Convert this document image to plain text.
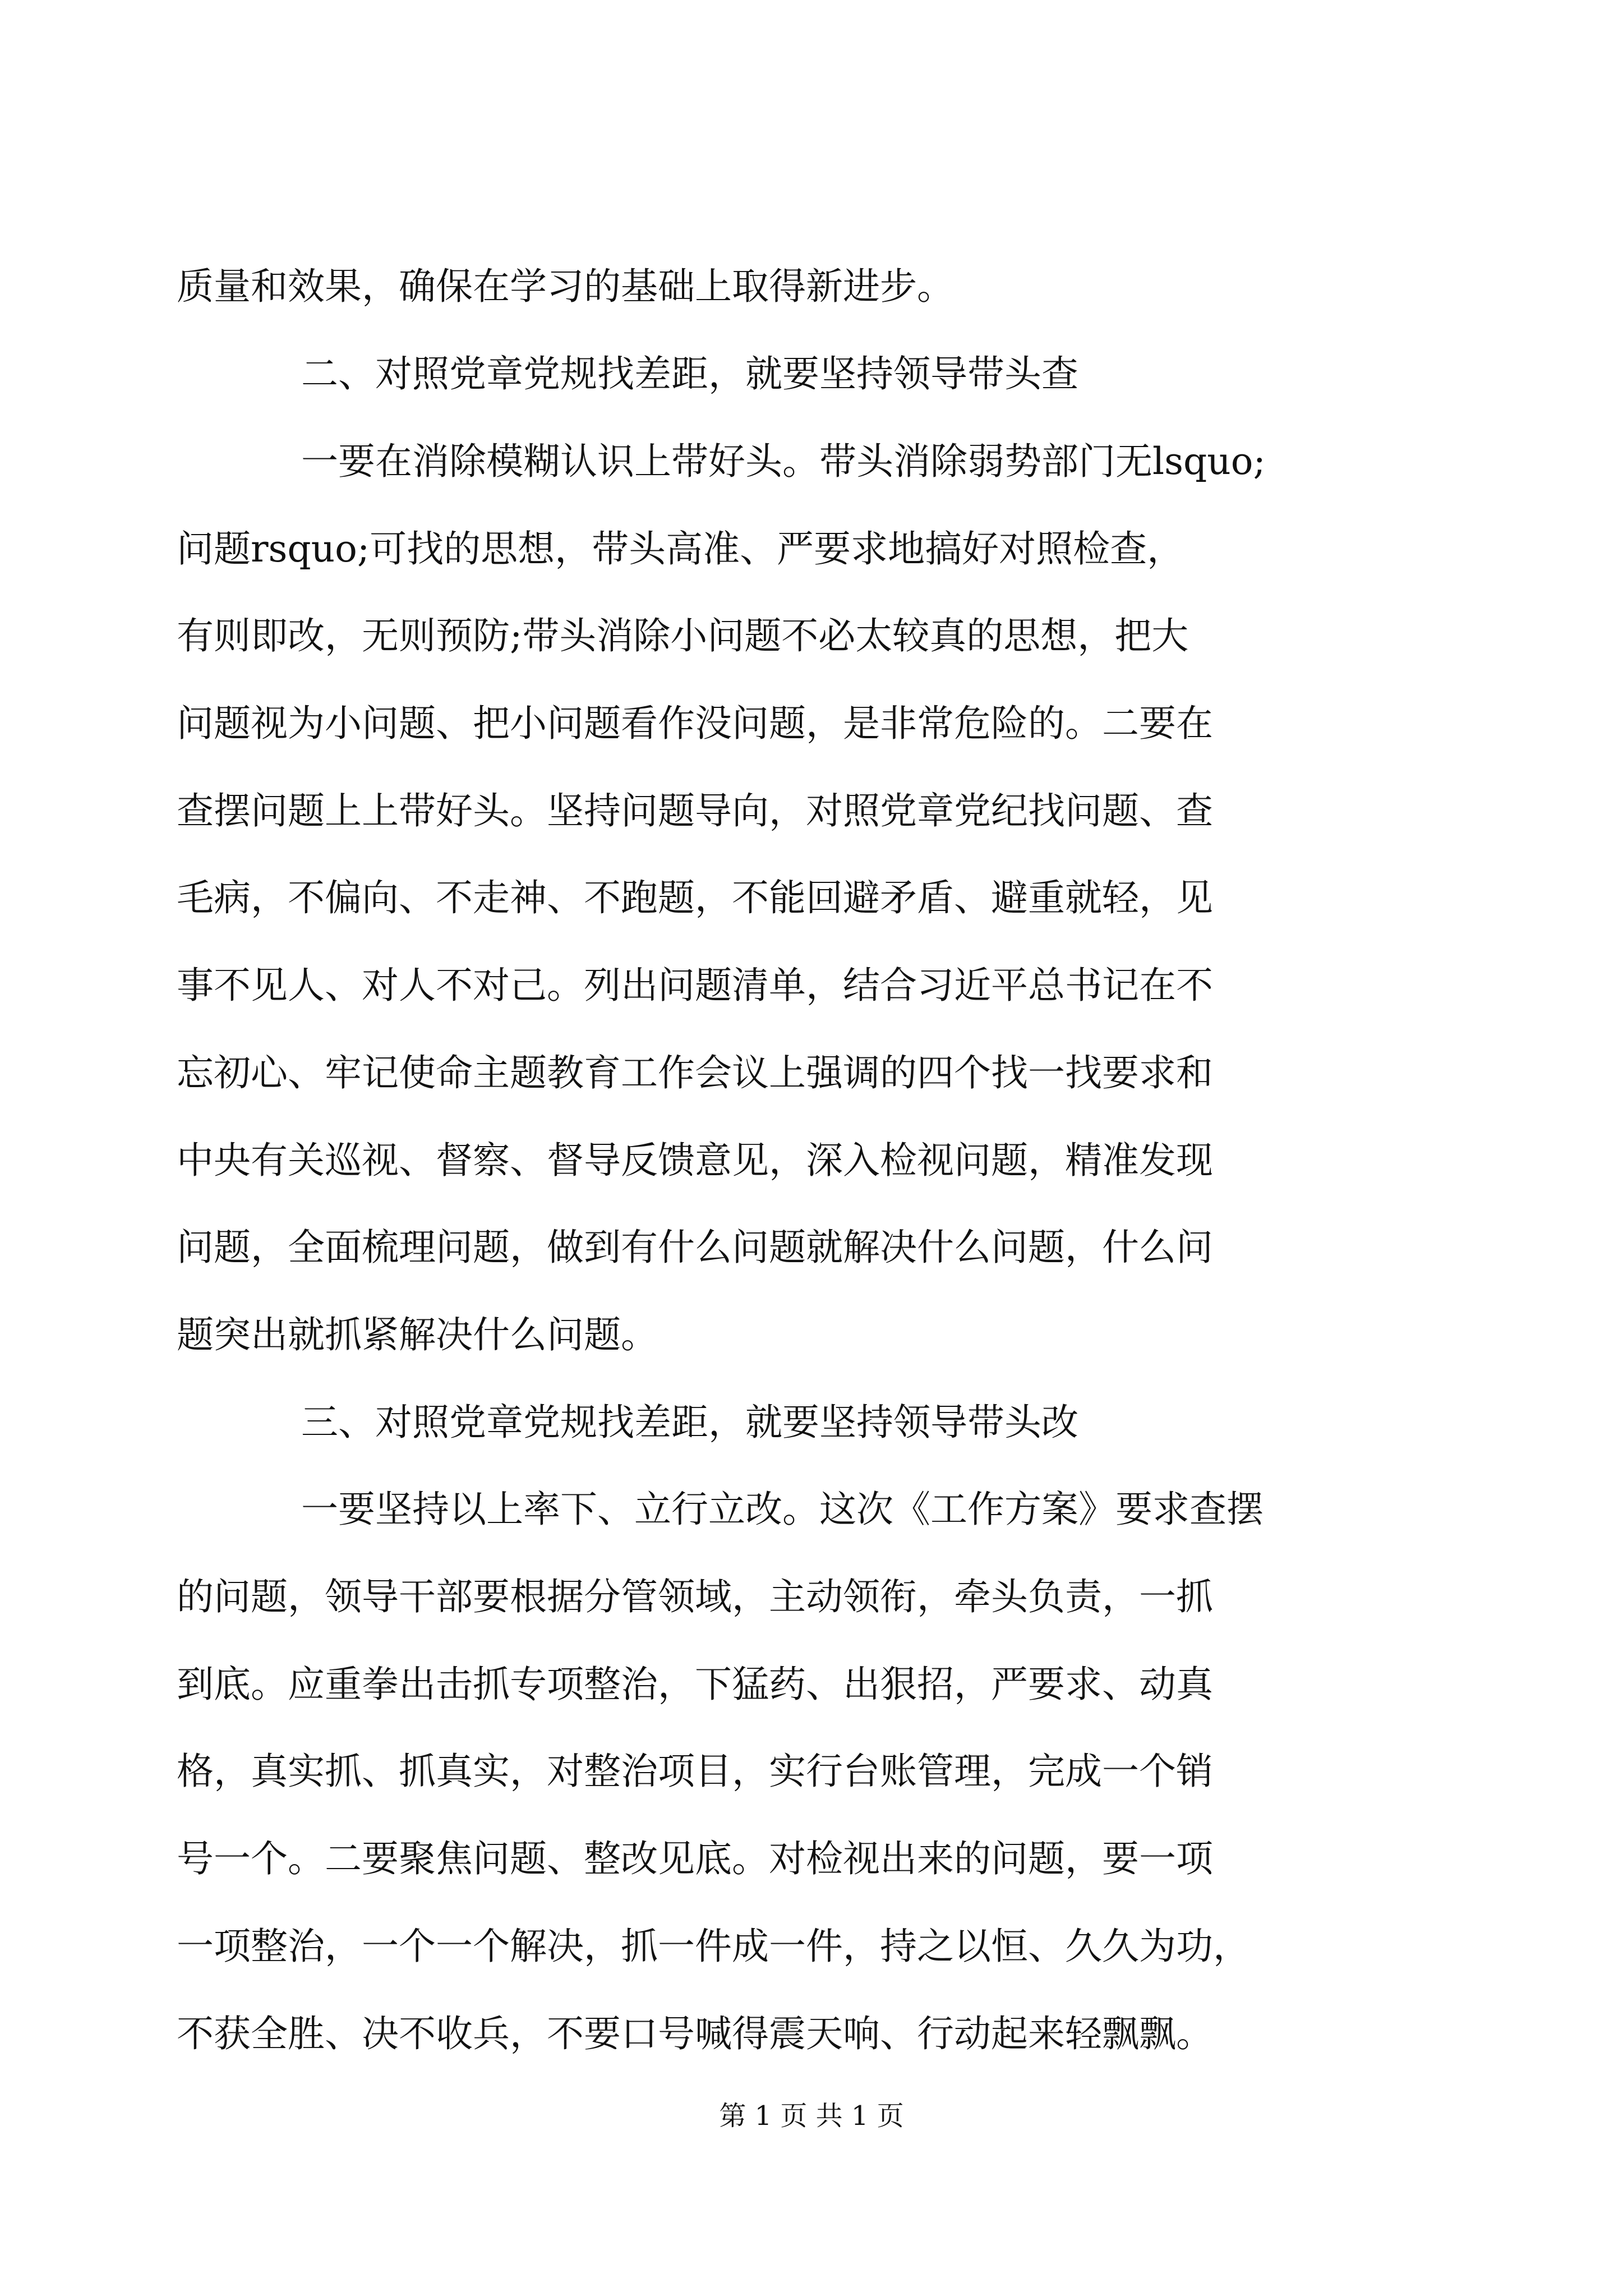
质量和效果，确保在学习的基础上取得新进步。
二、对照党章党规找差距，就要坚持领导带头查
一要在消除模糊认识上带好头。带头消除弱势部门无lsquo;
问题rsquo;可找的思想，带头高准、严要求地搞好对照检查，
有则即改，无则预防;带头消除小问题不必太较真的思想，把大
问题视为小问题、把小问题看作没问题，是非常危险的。二要在
查摆问题上上带好头。坚持问题导向，对照党章党纪找问题、查
毛病，不偏向、不走神、不跑题，不能回避矛盾、避重就轻，见
事不见人、对人不对己。列出问题清单，结合习近平总书记在不
忘初心、牢记使命主题教育工作会议上强调的四个找一找要求和
中央有关巡视、督察、督导反馈意见，深入检视问题，精准发现
问题，全面梳理问题，做到有什么问题就解决什么问题，什么问
题突出就抓紧解决什么问题。
三、对照党章党规找差距，就要坚持领导带头改
一要坚持以上率下、立行立改。这次《工作方案》要求查摆
的问题，领导干部要根据分管领域，主动领衔，牵头负责，一抓
到底。应重拳出击抓专项整治，下猛药、出狠招，严要求、动真
格，真实抓、抓真实，对整治项目，实行台账管理，完成一个销
号一个。二要聚焦问题、整改见底。对检视出来的问题，要一项
一项整治，一个一个解决，抓一件成一件，持之以恒、久久为功，
不获全胜、决不收兵，不要口号喊得震天响、行动起来轻飘飘。
第 1 页 共 1 页
